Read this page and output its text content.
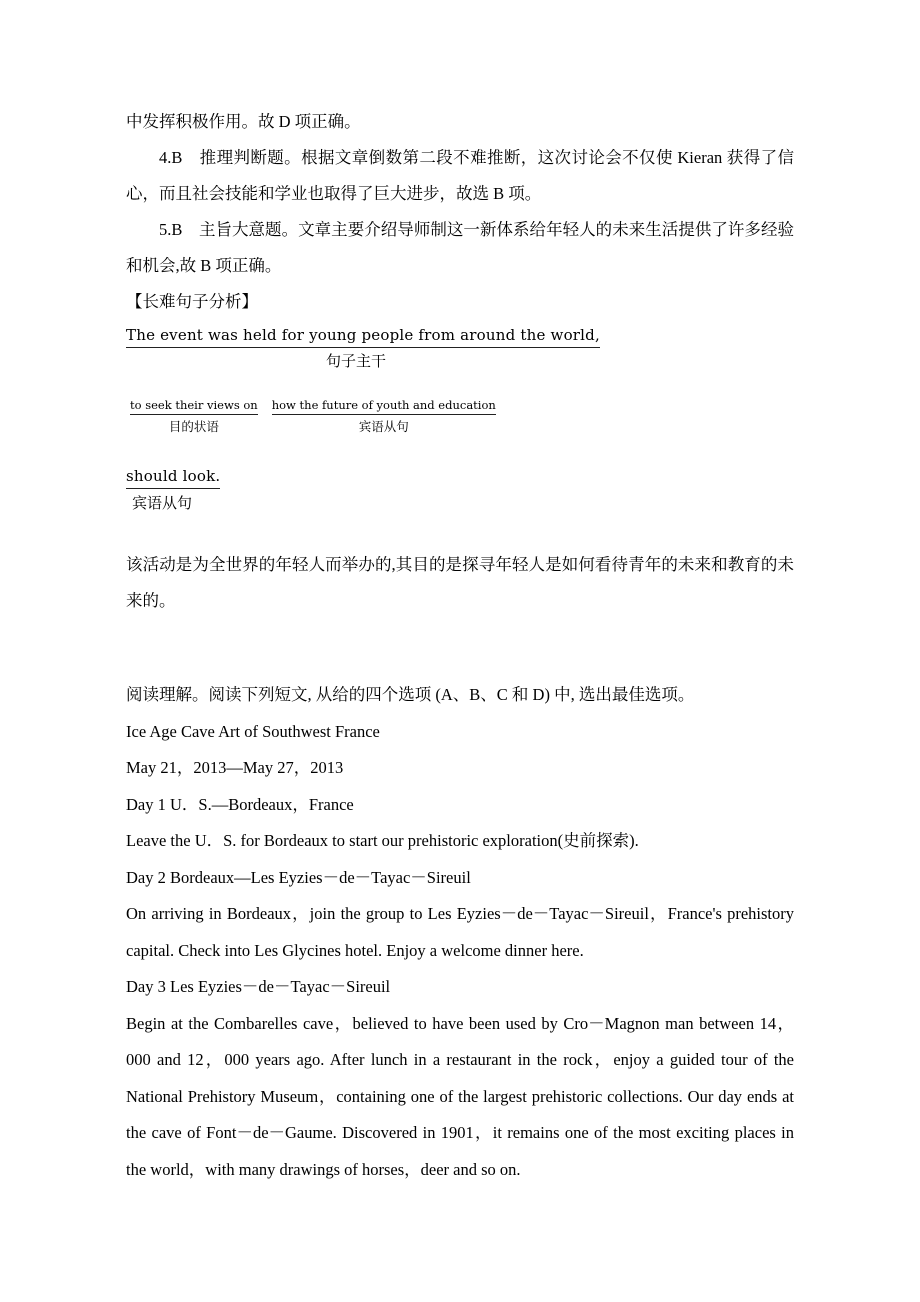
中发挥积极作用。故 D 项正确。

4.B　推理判断题。根据文章倒数第二段不难推断，这次讨论会不仅使 Kieran 获得了信心，而且社会技能和学业也取得了巨大进步，故选 B 项。

5.B　主旨大意题。文章主要介绍导师制这一新体系给年轻人的未来生活提供了许多经验和机会,故 B 项正确。

【长难句子分析】

The event was held for young people from around the world,
句子主干
to seek their views on
目的状语
how the future of youth and education
宾语从句
should look.
宾语从句

该活动是为全世界的年轻人而举办的,其目的是探寻年轻人是如何看待青年的未来和教育的未来的。

阅读理解。阅读下列短文, 从给的四个选项 (A、B、C 和 D) 中, 选出最佳选项。

Ice Age Cave Art of Southwest France

May 21，2013—May 27，2013

Day 1 U．S.—Bordeaux，France

Leave the U．S. for Bordeaux to start our prehistoric exploration(史前探索).

Day 2 Bordeaux—Les Eyzies－de－Tayac－Sireuil

On arriving in Bordeaux，join the group to Les Eyzies－de－Tayac－Sireuil，France's prehistory capital. Check into Les Glycines hotel. Enjoy a welcome dinner here.

Day 3 Les Eyzies－de－Tayac－Sireuil

Begin at the Combarelles cave，believed to have been used by Cro－Magnon man between 14，000 and 12，000 years ago. After lunch in a restaurant in the rock，enjoy a guided tour of the National Prehistory Museum，containing one of the largest prehistoric collections. Our day ends at the cave of Font－de－Gaume. Discovered in 1901，it remains one of the most exciting places in the world，with many drawings of horses，deer and so on.
